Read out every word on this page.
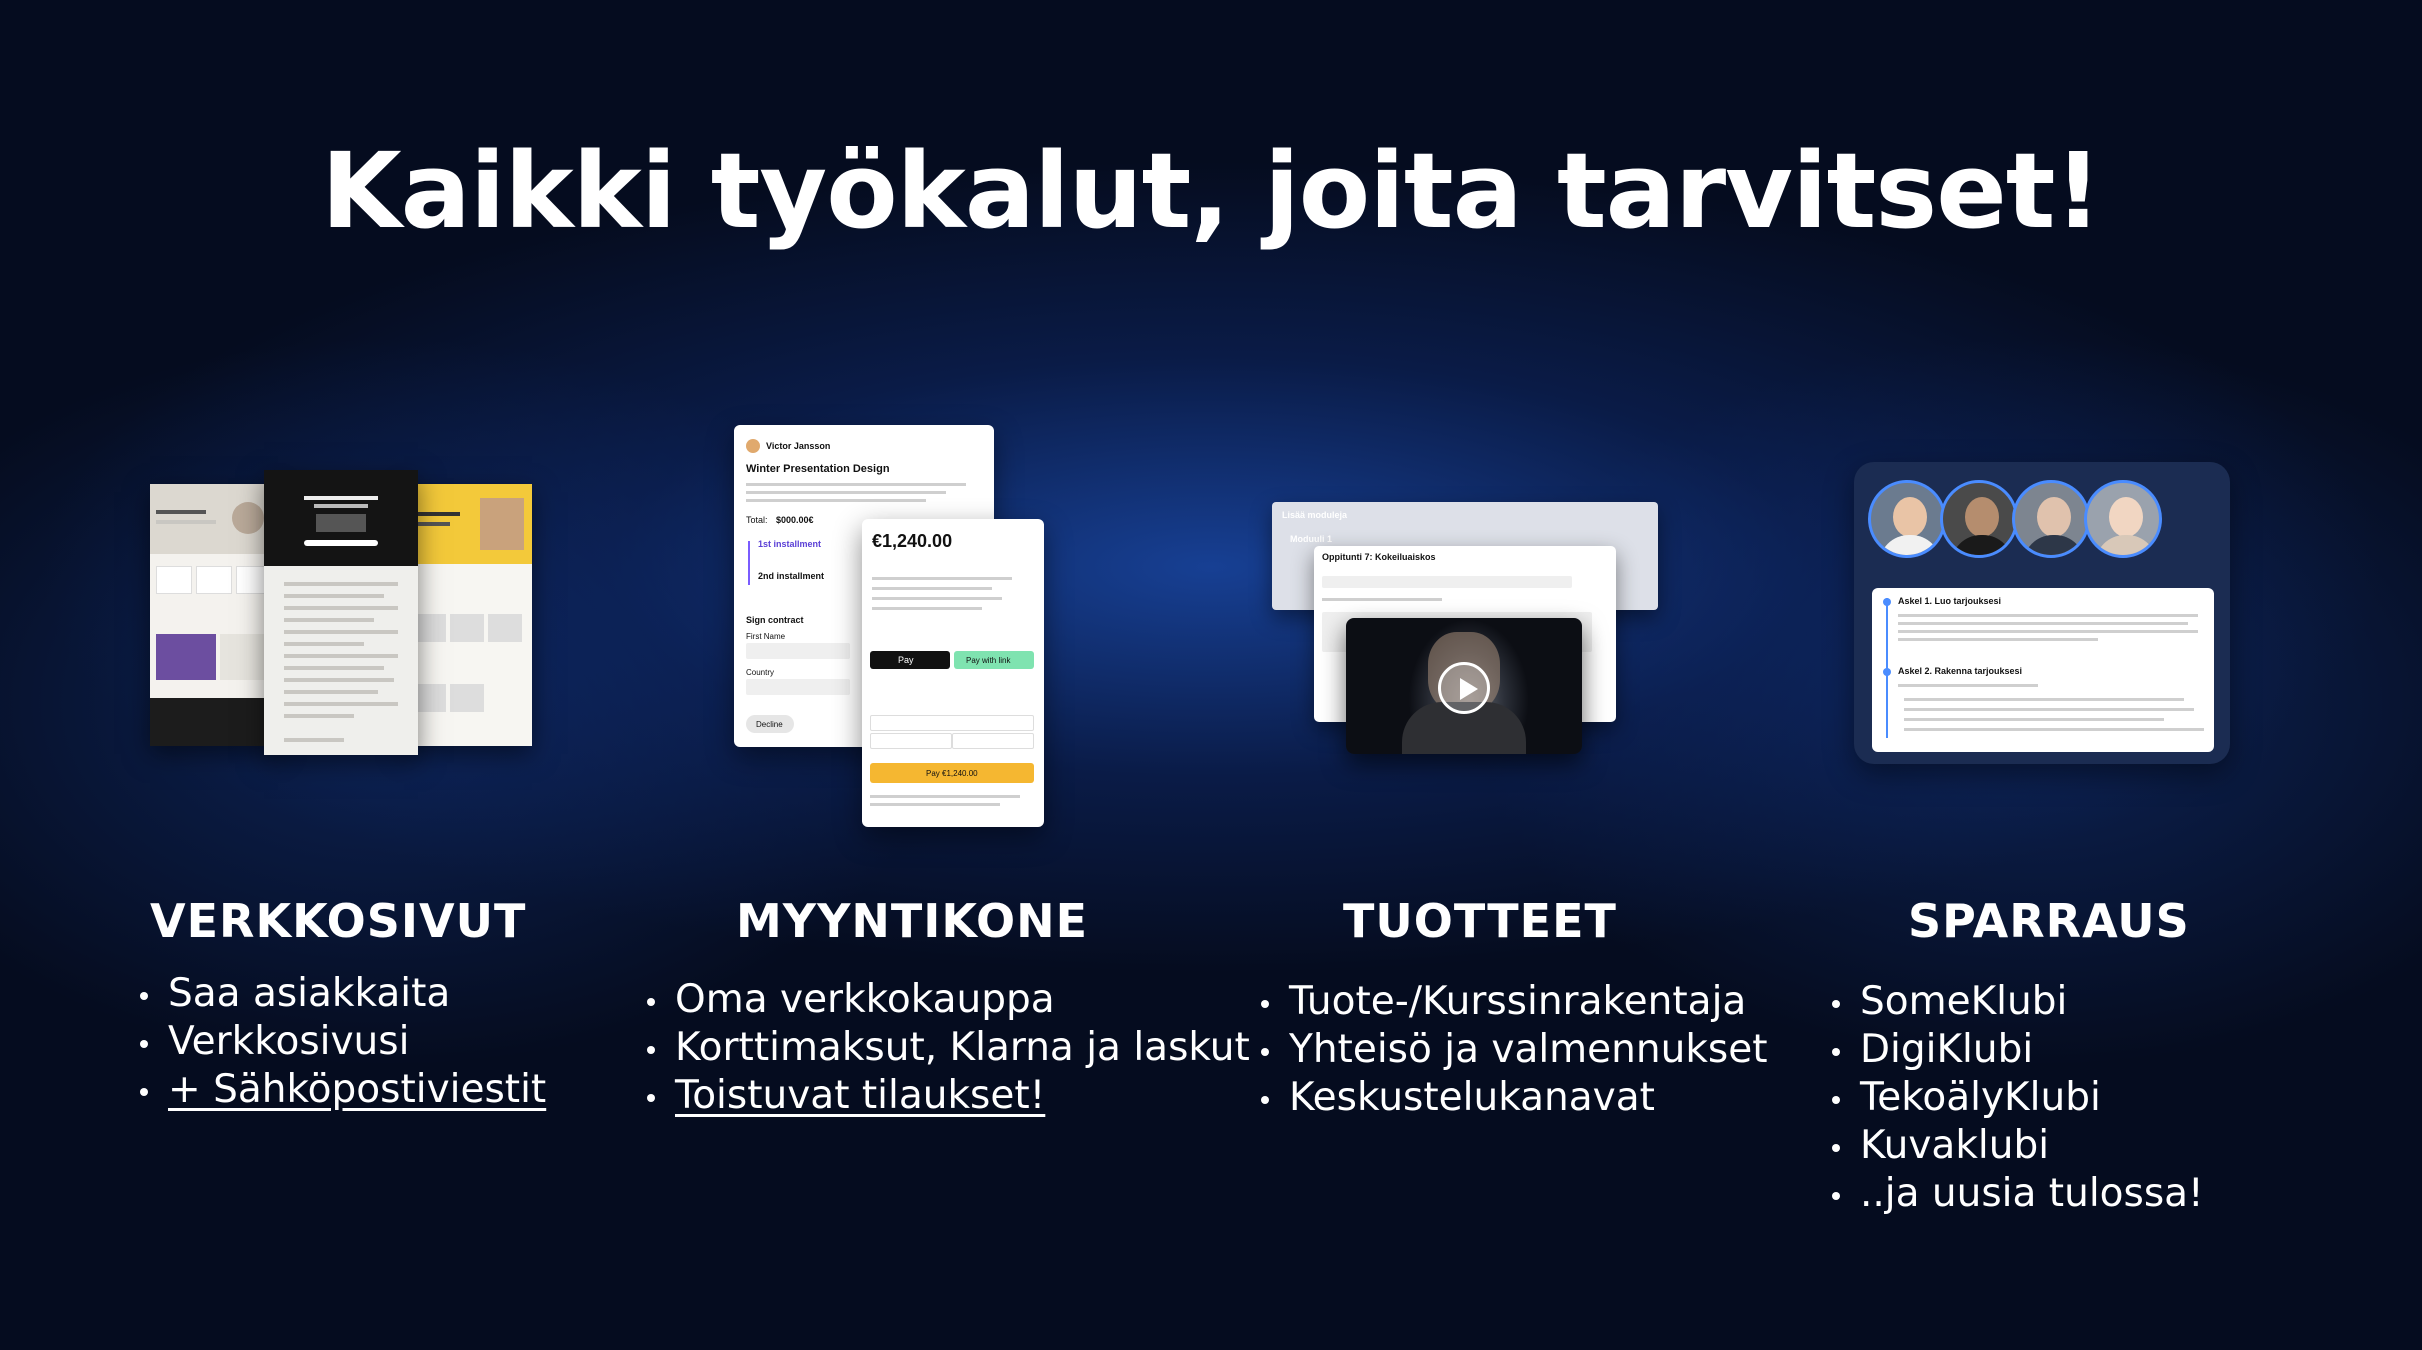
Kaikki työkalut, joita tarvitset!
Victor Jansson
Winter Presentation Design
Total: $000.00€
1st installment
2nd installment
Sign contract
First Name
Country
Decline
€1,240.00
Pay	Pay with link
Pay €1,240.00
Lisää moduleja
Moduuli 1
Oppitunti 7: Kokeiluaiskos
Askel 1. Luo tarjouksesi
Askel 2. Rakenna tarjouksesi
VERKKOSIVUT
Saa asiakkaita
Verkkosivusi
+ Sähköpostiviestit
MYYNTIKONE
Oma verkkokauppa
Korttimaksut, Klarna ja laskut
Toistuvat tilaukset!
TUOTTEET
Tuote-/Kurssinrakentaja
Yhteisö ja valmennukset
Keskustelukanavat
SPARRAUS
SomeKlubi
DigiKlubi
TekoälyKlubi
Kuvaklubi
..ja uusia tulossa!
